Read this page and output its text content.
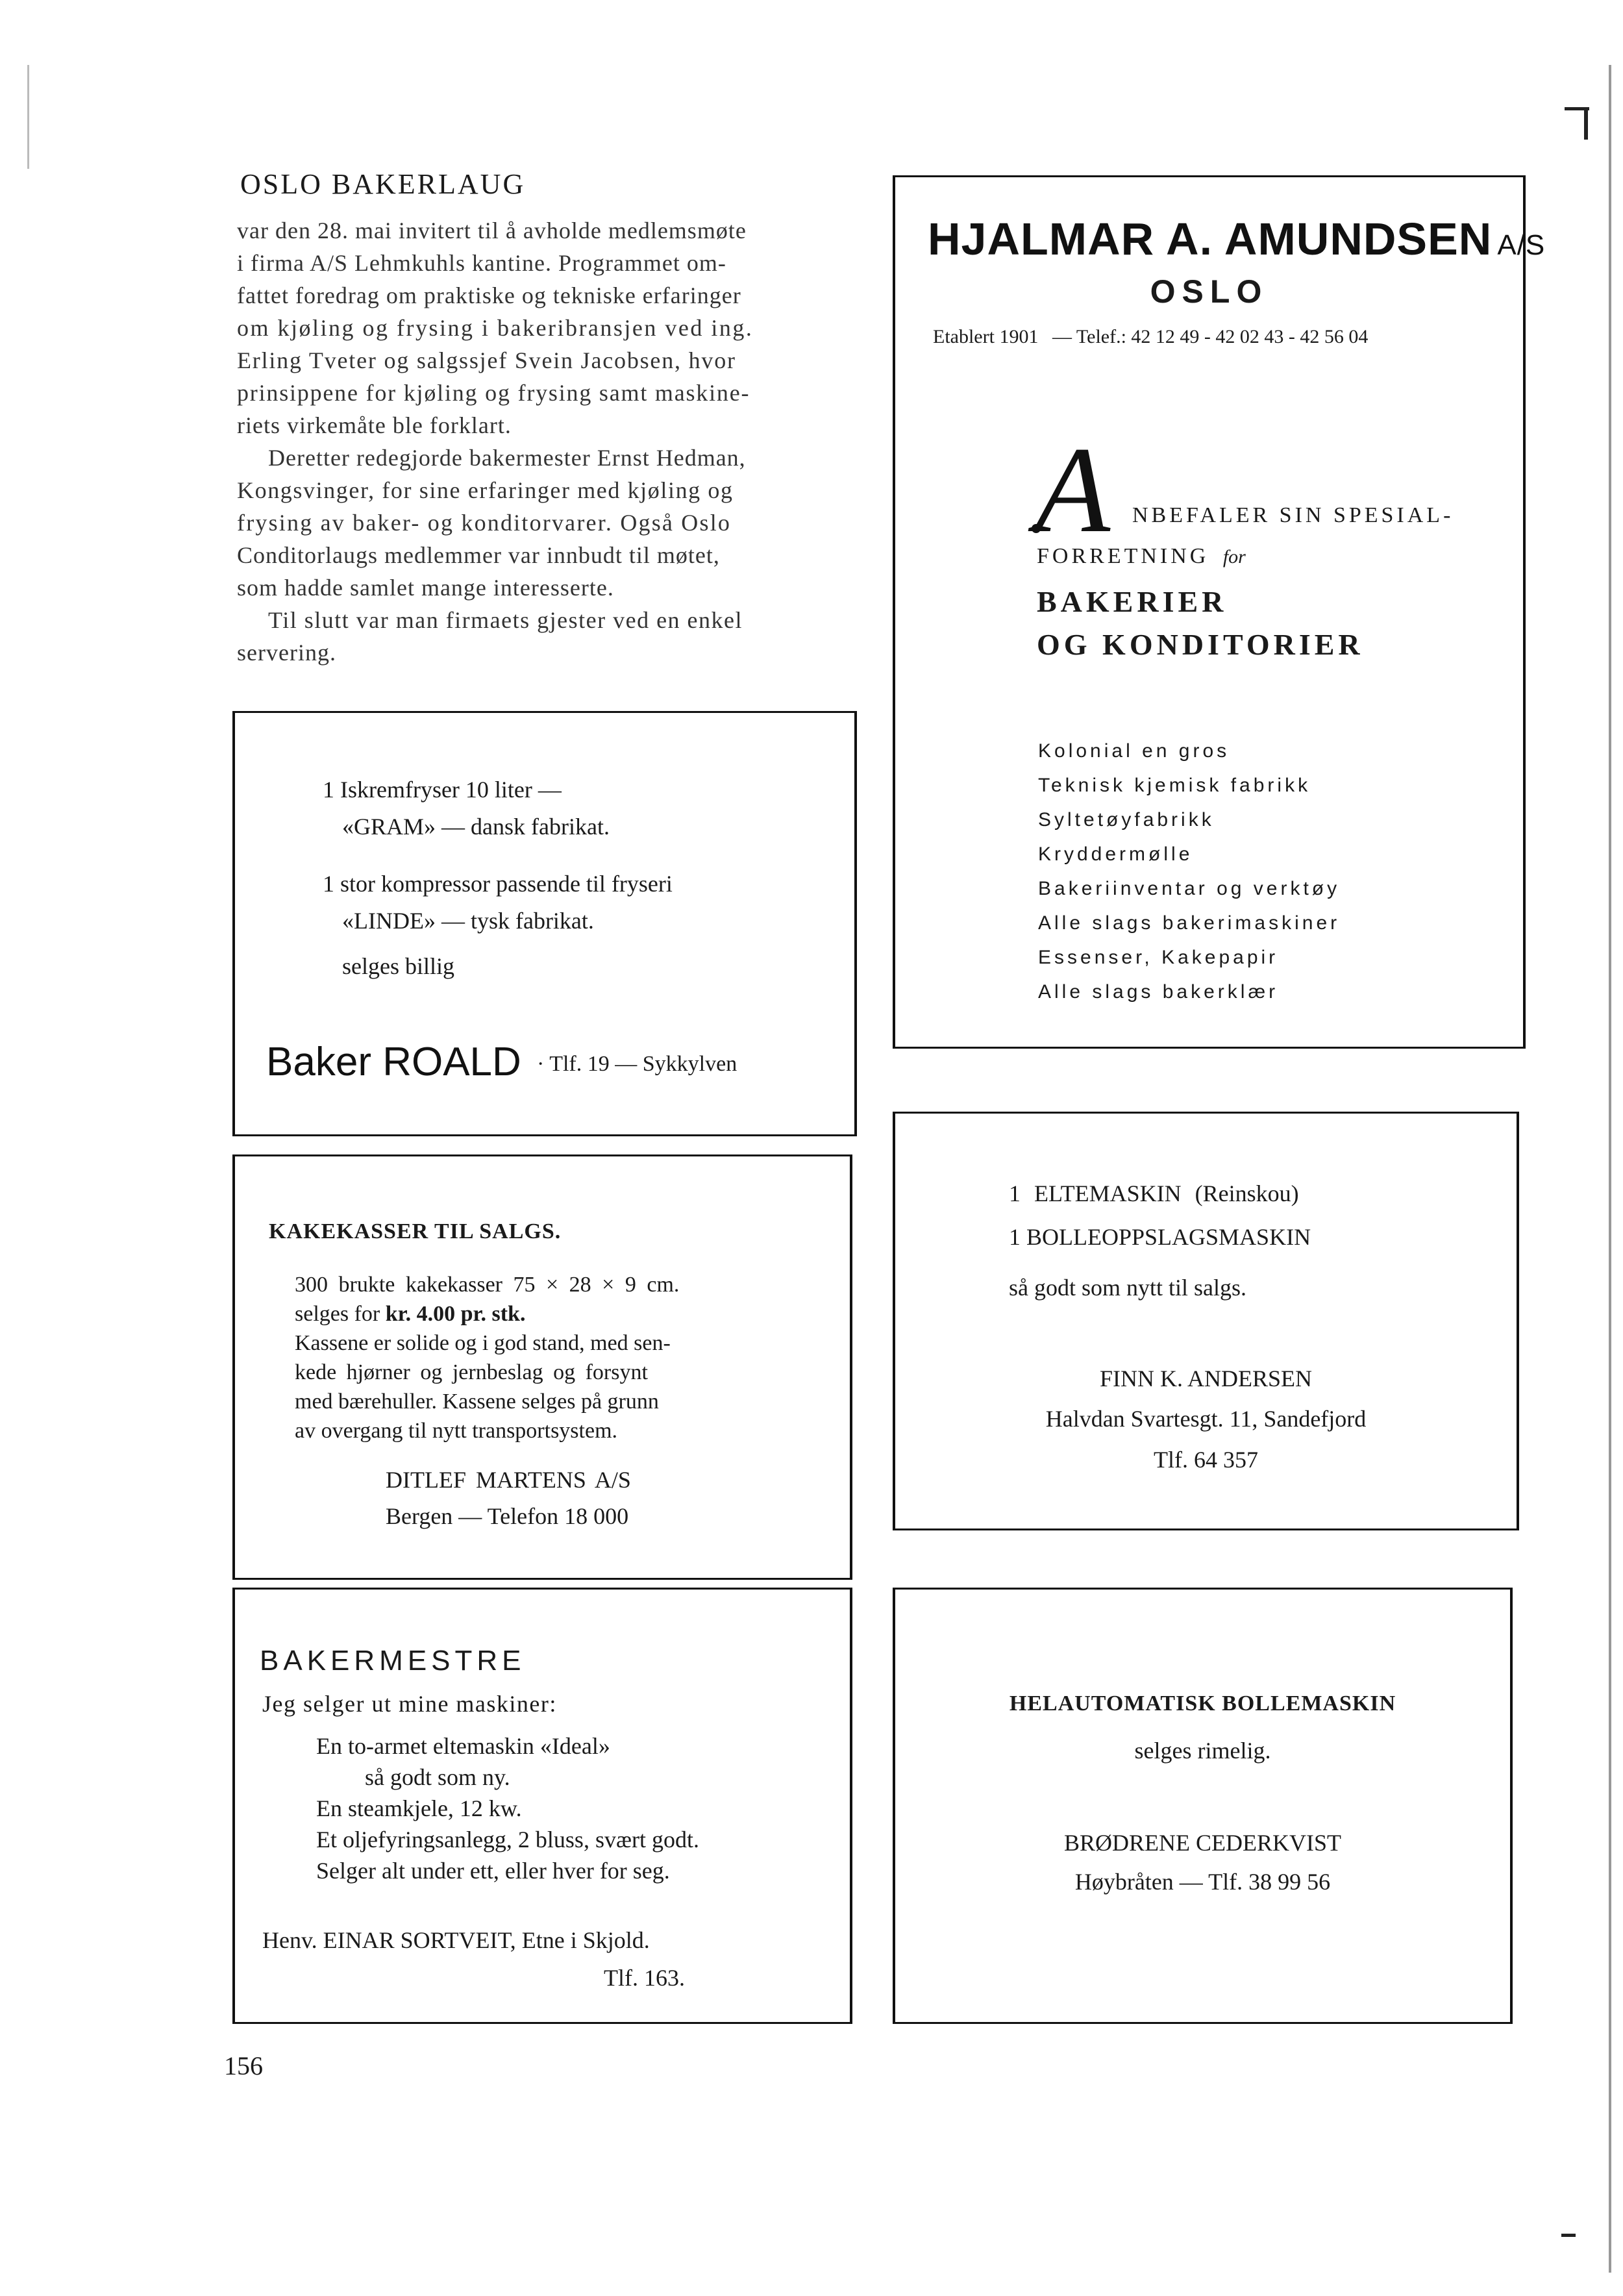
OSLO BAKERLAUG
var den 28. mai invitert til å avholde medlemsmøte
i firma A/S Lehmkuhls kantine. Programmet om-
fattet foredrag om praktiske og tekniske erfaringer
om kjøling og frysing i bakeribransjen ved ing.
Erling Tveter og salgssjef Svein Jacobsen, hvor
prinsippene for kjøling og frysing samt maskine-
riets virkemåte ble forklart.
Deretter redegjorde bakermester Ernst Hedman,
Kongsvinger, for sine erfaringer med kjøling og
frysing av baker- og konditorvarer. Også Oslo
Conditorlaugs medlemmer var innbudt til møtet,
som hadde samlet mange interesserte.
Til slutt var man firmaets gjester ved en enkel
servering.
HJALMAR A. AMUNDSEN A/S
OSLO
Etablert 1901 — Telef.: 42 12 49 - 42 02 43 - 42 56 04
A NBEFALER SIN SPESIAL-
FORRETNING for
BAKERIER
OG KONDITORIER
Kolonial en gros
Teknisk kjemisk fabrikk
Syltetøyfabrikk
Kryddermølle
Bakeriinventar og verktøy
Alle slags bakerimaskiner
Essenser, Kakepapir
Alle slags bakerklær
1 Iskremfryser 10 liter —
«GRAM» — dansk fabrikat.
1 stor kompressor passende til fryseri
«LINDE» — tysk fabrikat.
selges billig
Baker ROALD · Tlf. 19 — Sykkylven
1 ELTEMASKIN (Reinskou)
1 BOLLEOPPSLAGSMASKIN
så godt som nytt til salgs.
FINN K. ANDERSEN
Halvdan Svartesgt. 11, Sandefjord
Tlf. 64 357
KAKEKASSER TIL SALGS.
300 brukte kakekasser 75 × 28 × 9 cm.
selges for kr. 4.00 pr. stk.
Kassene er solide og i god stand, med sen-
kede hjørner og jernbeslag og forsynt
med bærehuller. Kassene selges på grunn
av overgang til nytt transportsystem.
DITLEF MARTENS A/S
Bergen — Telefon 18 000
BAKERMESTRE
Jeg selger ut mine maskiner:
En to-armet eltemaskin «Ideal»
så godt som ny.
En steamkjele, 12 kw.
Et oljefyringsanlegg, 2 bluss, svært godt.
Selger alt under ett, eller hver for seg.
Henv. EINAR SORTVEIT, Etne i Skjold.
Tlf. 163.
HELAUTOMATISK BOLLEMASKIN
selges rimelig.
BRØDRENE CEDERKVIST
Høybråten — Tlf. 38 99 56
156
